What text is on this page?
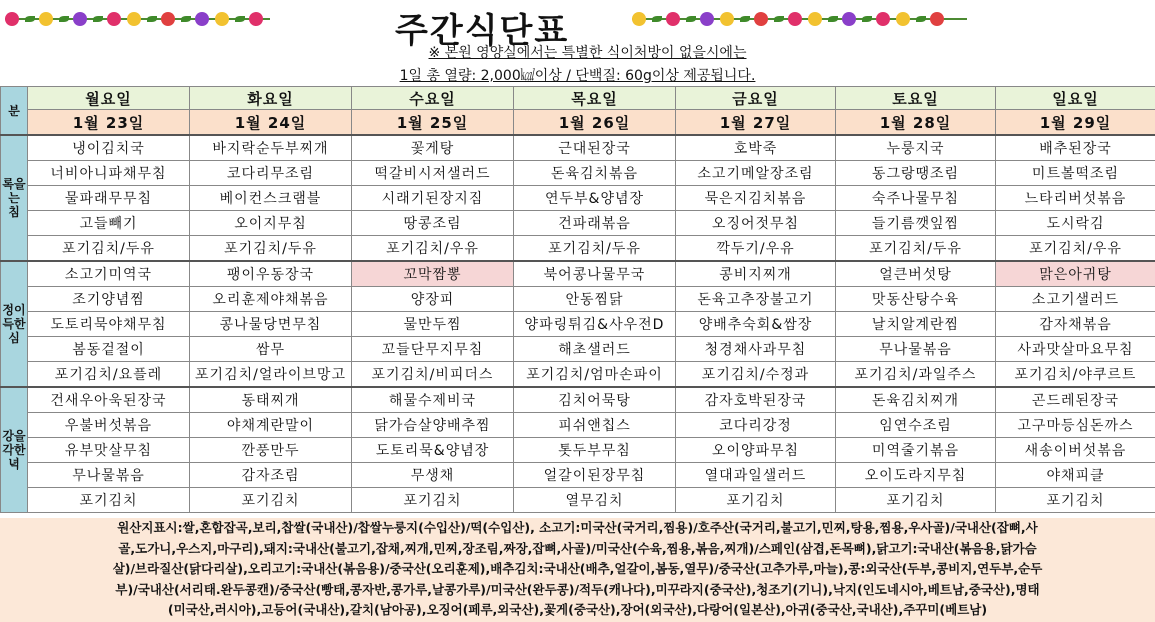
주간식단표
※ 본원 영양실에서는 특별한 식이처방이 없을시에는
1일 총 열량: 2,000㎉이상 / 단백질: 60g이상 제공됩니다.
분	월요일	화요일	수요일	목요일	금요일	토요일	일요일
	1월 23일	1월 24일	1월 25일	1월 26일	1월 27일	1월 28일	1월 29일
록을
는
침	냉이김치국	바지락순두부찌개	꽃게탕	근대된장국	호박죽	누룽지국	배추된장국
	너비아니파채무침	코다리무조림	떡갈비시저샐러드	돈육김치볶음	소고기메알장조림	동그랑땡조림	미트볼떡조림
	물파래무무침	베이컨스크램블	시래기된장지짐	연두부&양념장	묵은지김치볶음	숙주나물무침	느타리버섯볶음
	고들빼기	오이지무침	땅콩조림	건파래볶음	오징어젓무침	들기름깻잎찜	도시락김
	포기김치/두유	포기김치/두유	포기김치/우유	포기김치/두유	깍두기/우유	포기김치/두유	포기김치/우유
정이
득한
심	소고기미역국	팽이우동장국	꼬막짬뽕	북어콩나물무국	콩비지찌개	얼큰버섯탕	맑은아귀탕
	조기양념찜	오리훈제야채볶음	양장피	안동찜닭	돈육고추장불고기	맛동산탕수육	소고기샐러드
	도토리묵야채무침	콩나물당면무침	물만두찜	양파링튀김&사우전D	양배추숙회&쌈장	날치알계란찜	감자채볶음
	봄동겉절이	쌈무	꼬들단무지무침	해초샐러드	청경채사과무침	무나물볶음	사과맛살마요무침
	포기김치/요플레	포기김치/얼라이브망고	포기김치/비피더스	포기김치/엄마손파이	포기김치/수정과	포기김치/과일주스	포기김치/야쿠르트
강을
각한
녁	건새우아욱된장국	동태찌개	해물수제비국	김치어묵탕	감자호박된장국	돈육김치찌개	곤드레된장국
	우불버섯볶음	야채계란말이	닭가슴살양배추찜	피쉬앤칩스	코다리강정	임연수조림	고구마등심돈까스
	유부맛살무침	깐풍만두	도토리묵&양념장	톳두부무침	오이양파무침	미역줄기볶음	새송이버섯볶음
	무나물볶음	감자조림	무생채	얼갈이된장무침	열대과일샐러드	오이도라지무침	야채피클
	포기김치	포기김치	포기김치	열무김치	포기김치	포기김치	포기김치
원산지표시:쌀,혼합잡곡,보리,찹쌀(국내산)/찹쌀누룽지(수입산)/떡(수입산), 소고기:미국산(국거리,찜용)/호주산(국거리,불고기,민찌,탕용,찜용,우사골)/국내산(잡뼈,사
골,도가니,우스지,마구리),돼지:국내산(불고기,잡채,찌개,민찌,장조림,짜장,잡뼈,사골)/미국산(수육,찜용,볶음,찌개)/스페인(삼겹,돈목뼈),닭고기:국내산(볶음용,닭가슴
살)/브라질산(닭다리살),오리고기:국내산(볶음용)/중국산(오리훈제),배추김치:국내산(배추,얼갈이,봄동,열무)/중국산(고추가루,마늘),콩:외국산(두부,콩비지,연두부,순두
부)/국내산(서리태.완두콩캔)/중국산(빵태,콩자반,콩가루,날콩가루)/미국산(완두콩)/적두(캐나다),미꾸라지(중국산),청조기(기니),낙지(인도네시아,베트남,중국산),명태
(미국산,러시아),고등어(국내산),갈치(남아공),오징어(페루,외국산),꽃게(중국산),장어(외국산),다랑어(일본산),아귀(중국산,국내산),주꾸미(베트남)
